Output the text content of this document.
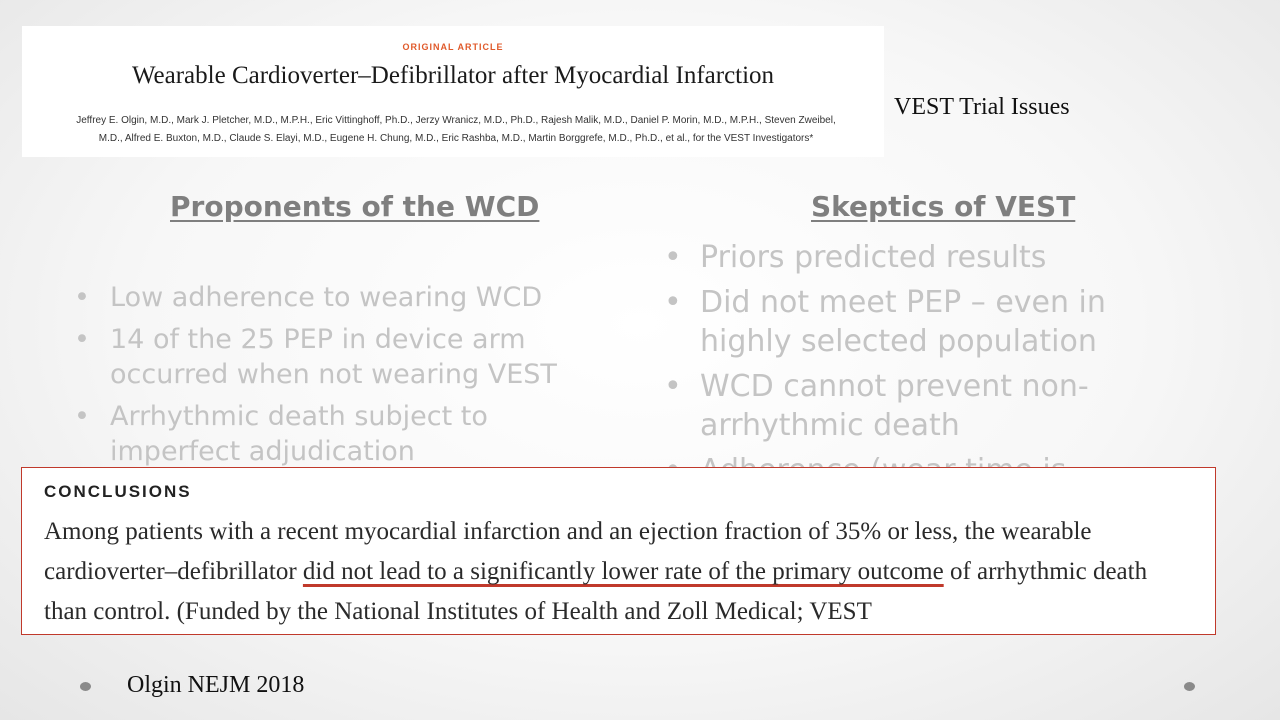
ORIGINAL ARTICLE
Wearable Cardioverter–Defibrillator after Myocardial Infarction
Jeffrey E. Olgin, M.D., Mark J. Pletcher, M.D., M.P.H., Eric Vittinghoff, Ph.D., Jerzy Wranicz, M.D., Ph.D., Rajesh Malik, M.D., Daniel P. Morin, M.D., M.P.H., Steven Zweibel,
M.D., Alfred E. Buxton, M.D., Claude S. Elayi, M.D., Eugene H. Chung, M.D., Eric Rashba, M.D., Martin Borggrefe, M.D., Ph.D., et al., for the VEST Investigators*
VEST Trial Issues
Proponents of the WCD	Skeptics of VEST
• Low adherence to wearing WCD
• 14 of the 25 PEP in device arm occurred when not wearing VEST
• Arrhythmic death subject to imperfect adjudication
• Priors predicted results
• Did not meet PEP – even in highly selected population
• WCD cannot prevent non-arrhythmic death
•
CONCLUSIONS
Among patients with a recent myocardial infarction and an ejection fraction of 35% or less, the wearable cardioverter–defibrillator did not lead to a significantly lower rate of the primary outcome of arrhythmic death than control. (Funded by the National Institutes of Health and Zoll Medical; VEST
Olgin NEJM 2018
